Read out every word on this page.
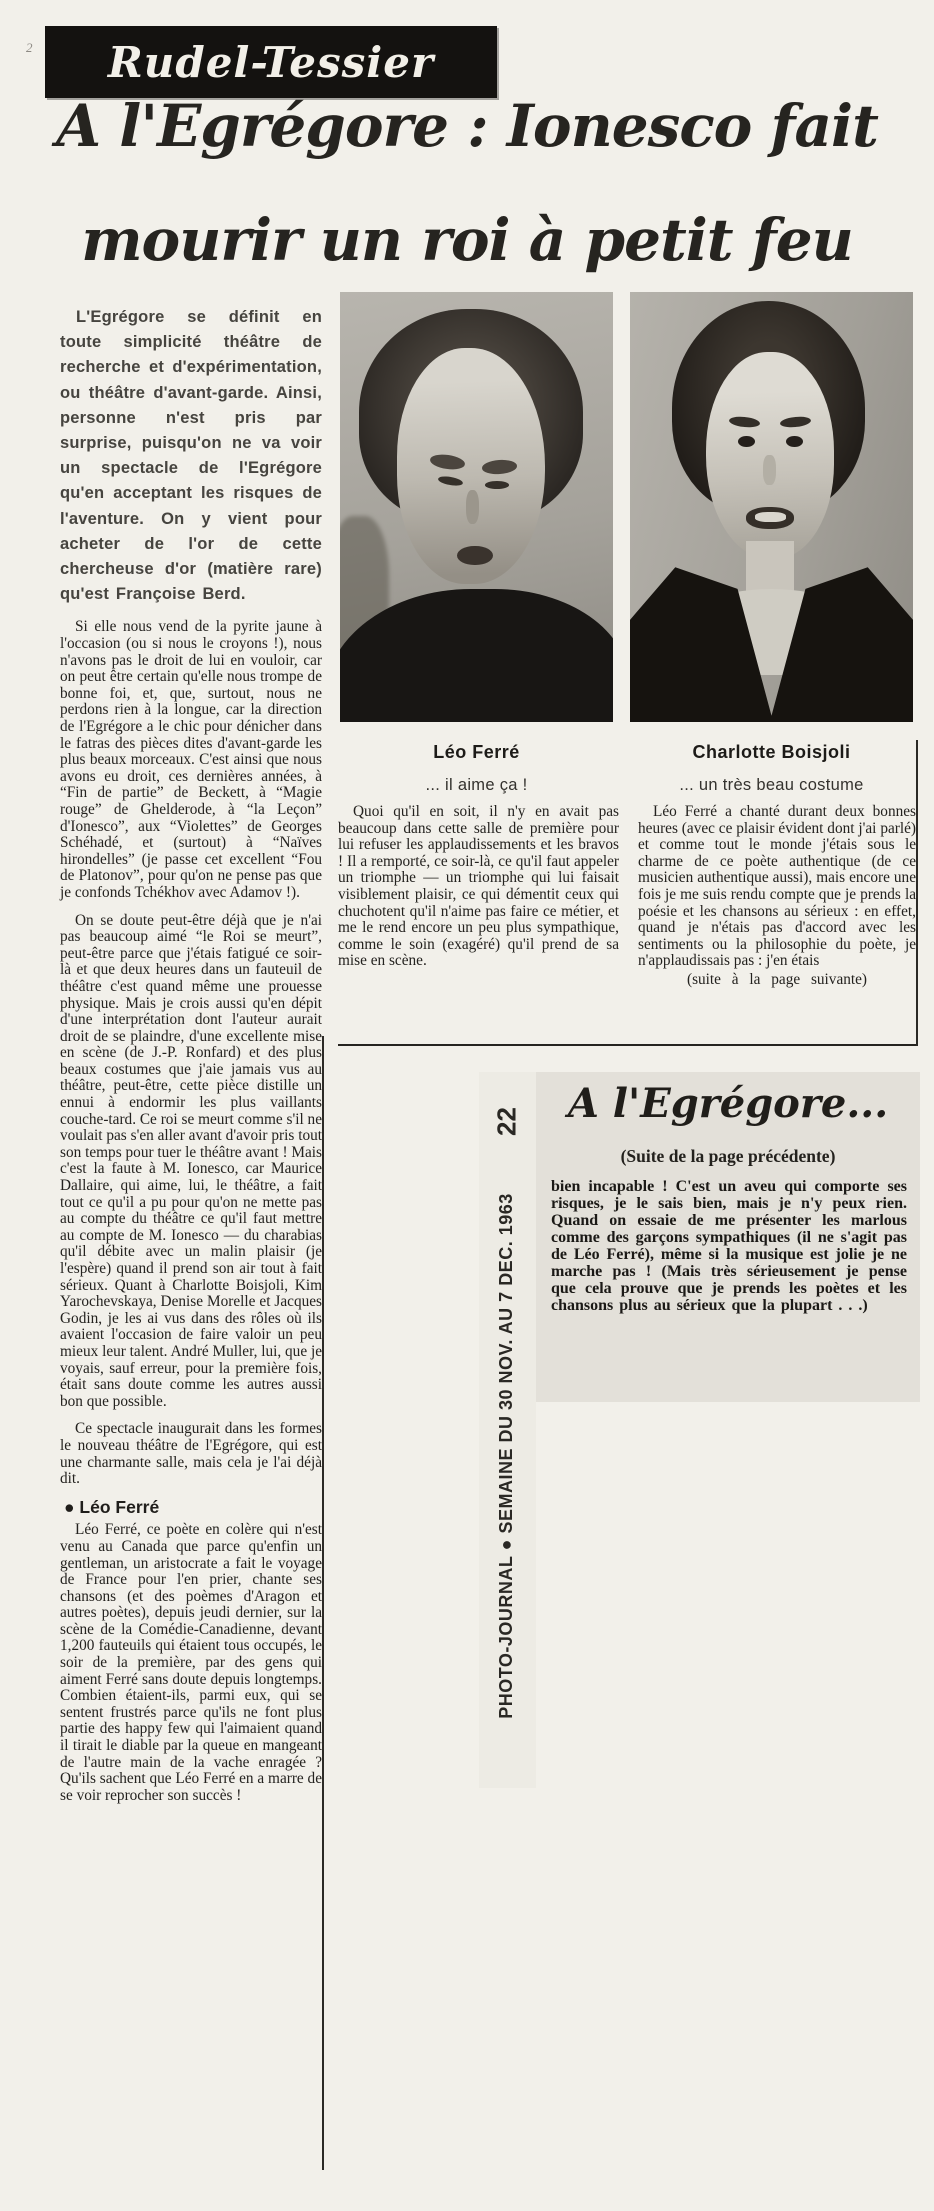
2 Rudel-Tessier
A l'Egrégore : Ionesco fait
mourir un roi à petit feu

L'Egrégore se définit en toute simplicité théâtre de recherche et d'expérimentation, ou théâtre d'avant-garde. Ainsi, personne n'est pris par surprise, puisqu'on ne va voir un spectacle de l'Egrégore qu'en acceptant les risques de l'aventure. On y vient pour acheter de l'or de cette chercheuse d'or (matière rare) qu'est Françoise Berd.

Si elle nous vend de la pyrite jaune à l'occasion (ou si nous le croyons !), nous n'avons pas le droit de lui en vouloir, car on peut être certain qu'elle nous trompe de bonne foi, et, que, surtout, nous ne perdons rien à la longue, car la direction de l'Egrégore a le chic pour dénicher dans le fatras des pièces dites d'avant-garde les plus beaux morceaux. C'est ainsi que nous avons eu droit, ces dernières années, à “Fin de partie” de Beckett, à “Magie rouge” de Ghelderode, à “la Leçon” d'Ionesco”, aux “Violettes” de Georges Schéhadé, et (surtout) à “Naïves hirondelles” (je passe cet excellent “Fou de Platonov”, pour qu'on ne pense pas que je confonds Tchékhov avec Adamov !).

On se doute peut-être déjà que je n'ai pas beaucoup aimé “le Roi se meurt”, peut-être parce que j'étais fatigué ce soir-là et que deux heures dans un fauteuil de théâtre c'est quand même une prouesse physique. Mais je crois aussi qu'en dépit d'une interprétation dont l'auteur aurait droit de se plaindre, d'une excellente mise en scène (de J.-P. Ronfard) et des plus beaux costumes que j'aie jamais vus au théâtre, peut-être, cette pièce distille un ennui à endormir les plus vaillants couche-tard. Ce roi se meurt comme s'il ne voulait pas s'en aller avant d'avoir pris tout son temps pour tuer le théâtre avant ! Mais c'est la faute à M. Ionesco, car Maurice Dallaire, qui aime, lui, le théâtre, a fait tout ce qu'il a pu pour qu'on ne mette pas au compte du théâtre ce qu'il faut mettre au compte de M. Ionesco — du charabias qu'il débite avec un malin plaisir (je l'espère) quand il prend son air tout à fait sérieux. Quant à Charlotte Boisjoli, Kim Yarochevskaya, Denise Morelle et Jacques Godin, je les ai vus dans des rôles où ils avaient l'occasion de faire valoir un peu mieux leur talent. André Muller, lui, que je voyais, sauf erreur, pour la première fois, était sans doute comme les autres aussi bon que possible.

Ce spectacle inaugurait dans les formes le nouveau théâtre de l'Egrégore, qui est une charmante salle, mais cela je l'ai déjà dit.

● Léo Ferré

Léo Ferré, ce poète en colère qui n'est venu au Canada que parce qu'enfin un gentleman, un aristocrate a fait le voyage de France pour l'en prier, chante ses chansons (et des poèmes d'Aragon et autres poètes), depuis jeudi dernier, sur la scène de la Comédie-Canadienne, devant 1,200 fauteuils qui étaient tous occupés, le soir de la première, par des gens qui aiment Ferré sans doute depuis longtemps. Combien étaient-ils, parmi eux, qui se sentent frustrés parce qu'ils ne font plus partie des happy few qui l'aimaient quand il tirait le diable par la queue en mangeant de l'autre main de la vache enragée ? Qu'ils sachent que Léo Ferré en a marre de se voir reprocher son succès !

Léo Ferré
... il aime ça !
Charlotte Boisjoli
... un très beau costume

Quoi qu'il en soit, il n'y en avait pas beaucoup dans cette salle de première pour lui refuser les applaudissements et les bravos ! Il a remporté, ce soir-là, ce qu'il faut appeler un triomphe — un triomphe qui lui faisait visiblement plaisir, ce qui démentit ceux qui chuchotent qu'il n'aime pas faire ce métier, et me le rend encore un peu plus sympathique, comme le soin (exagéré) qu'il prend de sa mise en scène.

Léo Ferré a chanté durant deux bonnes heures (avec ce plaisir évident dont j'ai parlé) et comme tout le monde j'étais sous le charme de ce poète authentique (de ce musicien authentique aussi), mais encore une fois je me suis rendu compte que je prends la poésie et les chansons au sérieux : en effet, quand je n'étais pas d'accord avec les sentiments ou la philosophie du poète, je n'applaudissais pas : j'en étais

(suite à la page suivante)
22
PHOTO-JOURNAL ● SEMAINE DU 30 NOV. AU 7 DEC. 1963
A l'Egrégore...
(Suite de la page précédente)
bien incapable ! C'est un aveu qui comporte ses risques, je le sais bien, mais je n'y peux rien. Quand on essaie de me présenter les marlous comme des garçons sympathiques (il ne s'agit pas de Léo Ferré), même si la musique est jolie je ne marche pas ! (Mais très sérieusement je pense que cela prouve que je prends les poètes et les chansons plus au sérieux que la plupart . . .)
